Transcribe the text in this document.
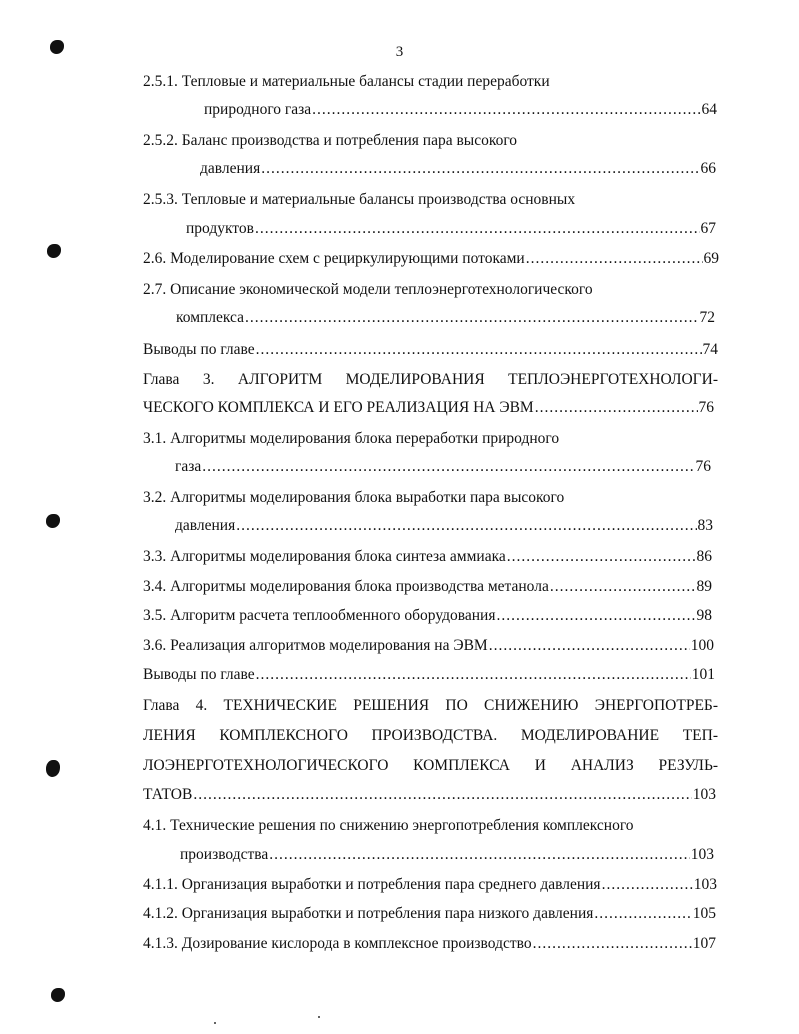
3
2.5.1. Тепловые и материальные балансы стадии переработки
природного газа .....	64
2.5.2. Баланс производства и потребления пара высокого
давления .....	66
2.5.3. Тепловые и материальные балансы производства основных
продуктов .....	67
2.6. Моделирование схем с рециркулирующими потоками .....	69
2.7. Описание экономической модели теплоэнерготехнологического
комплекса .....	72
Выводы по главе .....	74
Глава 3. АЛГОРИТМ МОДЕЛИРОВАНИЯ ТЕПЛОЭНЕРГОТЕХНОЛОГИ-
ЧЕСКОГО КОМПЛЕКСА И ЕГО РЕАЛИЗАЦИЯ НА ЭВМ .....	76
3.1. Алгоритмы моделирования блока переработки природного
газа .....	76
3.2. Алгоритмы моделирования блока выработки пара высокого
давления .....	83
3.3. Алгоритмы моделирования блока синтеза аммиака .....	86
3.4. Алгоритмы моделирования блока производства метанола .....	89
3.5. Алгоритм расчета теплообменного оборудования .....	98
3.6. Реализация алгоритмов моделирования на ЭВМ .....	100
Выводы по главе .....	101
Глава 4. ТЕХНИЧЕСКИЕ РЕШЕНИЯ ПО СНИЖЕНИЮ ЭНЕРГОПОТРЕБ-
ЛЕНИЯ КОМПЛЕКСНОГО ПРОИЗВОДСТВА. МОДЕЛИРОВАНИЕ ТЕП-
ЛОЭНЕРГОТЕХНОЛОГИЧЕСКОГО КОМПЛЕКСА И АНАЛИЗ РЕЗУЛЬ-
ТАТОВ .....	103
4.1. Технические решения по снижению энергопотребления комплексного
производства .....	103
4.1.1. Организация выработки и потребления пара среднего давления .....	103
4.1.2. Организация выработки и потребления пара низкого давления .....	105
4.1.3. Дозирование кислорода в комплексное производство .....	107
